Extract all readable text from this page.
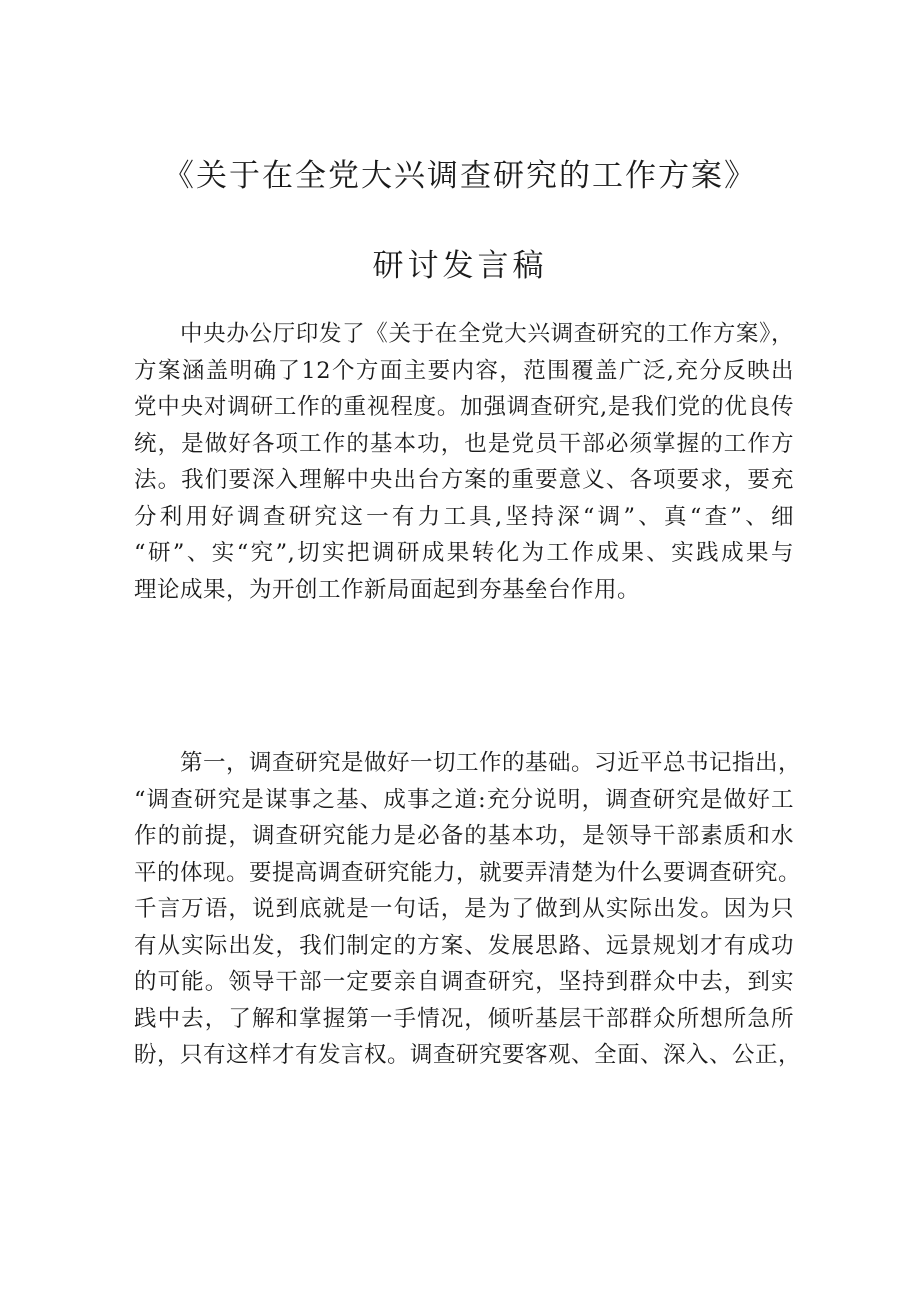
《关于在全党大兴调查研究的工作方案》
研讨发言稿
中央办公厅印发了《关于在全党大兴调查研究的工作方案》，
方案涵盖明确了12个方面主要内容，范围覆盖广泛,充分反映出
党中央对调研工作的重视程度。加强调查研究,是我们党的优良传
统，是做好各项工作的基本功，也是党员干部必须掌握的工作方
法。我们要深入理解中央出台方案的重要意义、各项要求，要充
分利用好调查研究这一有力工具,坚持深“调”、真“查”、细
“研”、实“究”,切实把调研成果转化为工作成果、实践成果与
理论成果，为开创工作新局面起到夯基垒台作用。
第一，调查研究是做好一切工作的基础。习近平总书记指出，
“调查研究是谋事之基、成事之道:充分说明，调查研究是做好工
作的前提，调查研究能力是必备的基本功，是领导干部素质和水
平的体现。要提高调查研究能力，就要弄清楚为什么要调查研究。
千言万语，说到底就是一句话，是为了做到从实际出发。因为只
有从实际出发，我们制定的方案、发展思路、远景规划才有成功
的可能。领导干部一定要亲自调查研究，坚持到群众中去，到实
践中去，了解和掌握第一手情况，倾听基层干部群众所想所急所
盼，只有这样才有发言权。调查研究要客观、全面、深入、公正，
